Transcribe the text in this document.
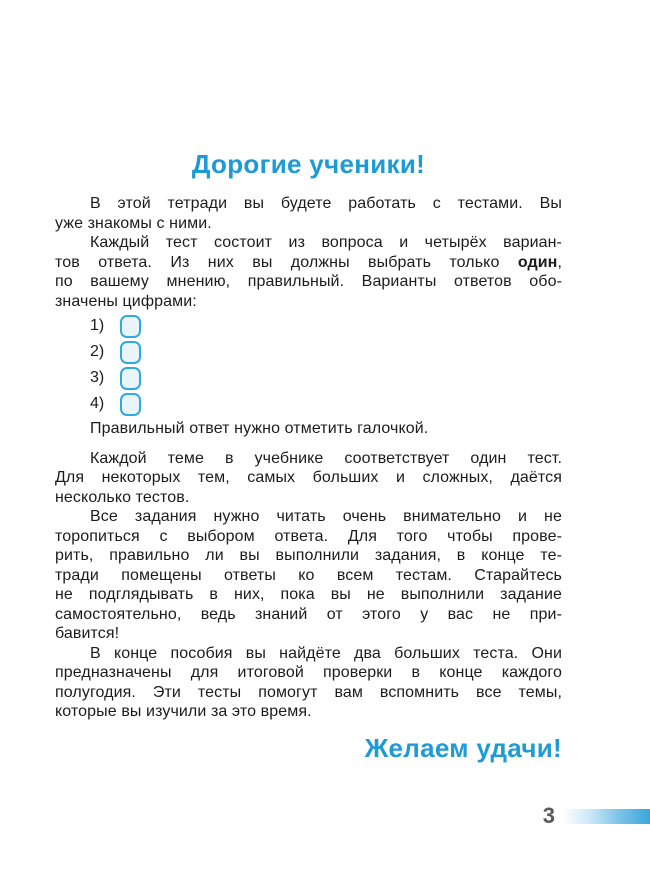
Дорогие ученики!
В этой тетради вы будете работать с тестами. Вы
уже знакомы с ними.
Каждый тест состоит из вопроса и четырёх вариан-
тов ответа. Из них вы должны выбрать только один,
по вашему мнению, правильный. Варианты ответов обо-
значены цифрами:
1)
2)
3)
4)
Правильный ответ нужно отметить галочкой.
Каждой теме в учебнике соответствует один тест.
Для некоторых тем, самых больших и сложных, даётся
несколько тестов.
Все задания нужно читать очень внимательно и не
торопиться с выбором ответа. Для того чтобы прове-
рить, правильно ли вы выполнили задания, в конце те-
тради помещены ответы ко всем тестам. Старайтесь
не подглядывать в них, пока вы не выполнили задание
самостоятельно, ведь знаний от этого у вас не при-
бавится!
В конце пособия вы найдёте два больших теста. Они
предназначены для итоговой проверки в конце каждого
полугодия. Эти тесты помогут вам вспомнить все темы,
которые вы изучили за это время.
Желаем удачи!
3
